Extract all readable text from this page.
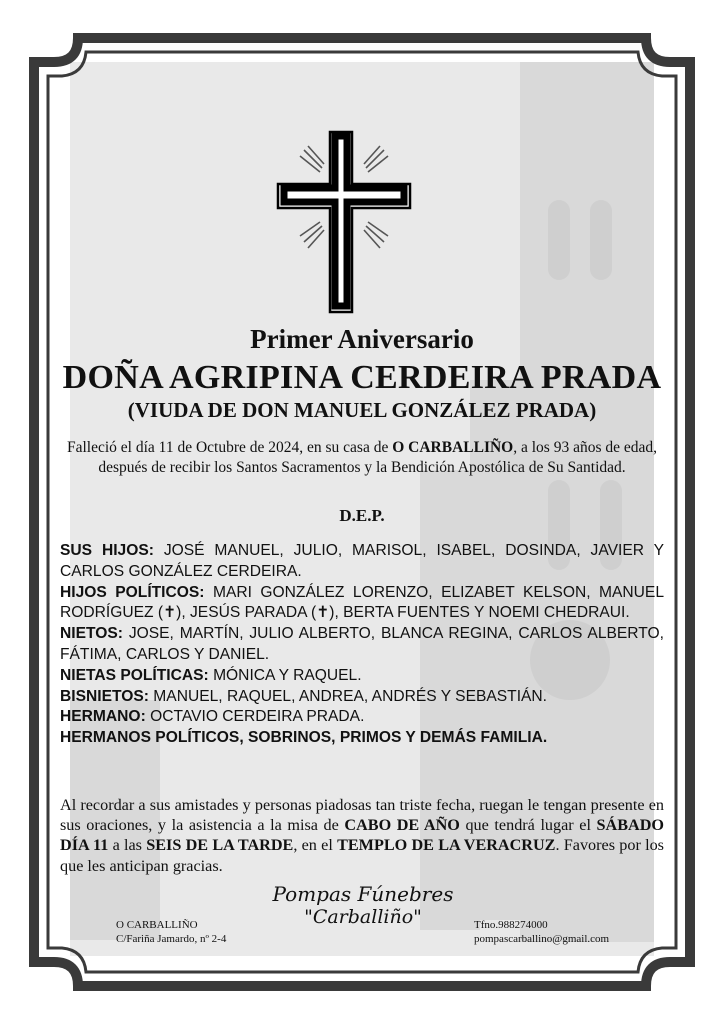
Primer Aniversario
DOÑA AGRIPINA CERDEIRA PRADA
(VIUDA DE DON MANUEL GONZÁLEZ PRADA)
Falleció el día 11 de Octubre de 2024, en su casa de O CARBALLIÑO, a los 93 años de edad, después de recibir los Santos Sacramentos y la Bendición Apostólica de Su Santidad.
D.E.P.

SUS HIJOS: JOSÉ MANUEL, JULIO, MARISOL, ISABEL, DOSINDA, JAVIER Y CARLOS GONZÁLEZ CERDEIRA.

HIJOS POLÍTICOS: MARI GONZÁLEZ LORENZO, ELIZABET KELSON, MANUEL RODRÍGUEZ (✝), JESÚS PARADA (✝), BERTA FUENTES Y NOEMI CHEDRAUI.

NIETOS: JOSE, MARTÍN, JULIO ALBERTO, BLANCA REGINA, CARLOS ALBERTO, FÁTIMA, CARLOS Y DANIEL.

NIETAS POLÍTICAS: MÓNICA Y RAQUEL.

BISNIETOS: MANUEL, RAQUEL, ANDREA, ANDRÉS Y SEBASTIÁN.

HERMANO: OCTAVIO CERDEIRA PRADA.

HERMANOS POLÍTICOS, SOBRINOS, PRIMOS Y DEMÁS FAMILIA.

Al recordar a sus amistades y personas piadosas tan triste fecha, ruegan le tengan presente en sus oraciones, y la asistencia a la misa de CABO DE AÑO que tendrá lugar el SÁBADO DÍA 11 a las SEIS DE LA TARDE, en el TEMPLO DE LA VERACRUZ. Favores por los que les anticipan gracias.
O CARBALLIÑO
C/Fariña Jamardo, nº 2-4
Pompas Fúnebres
"Carballiño"	Tfno.988274000
pompascarballino@gmail.com
